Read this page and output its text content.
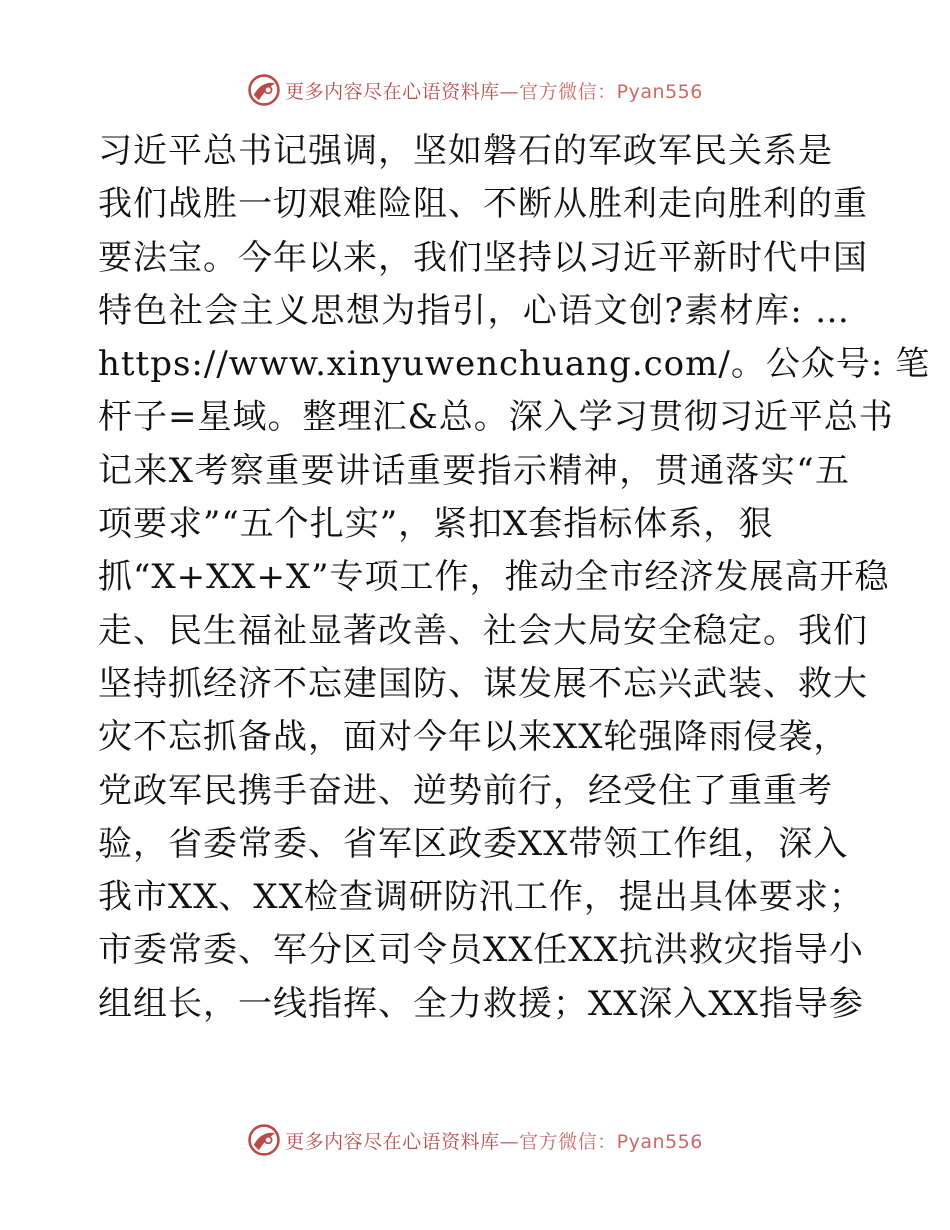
更多内容尽在心语资料库—官方微信：Pyan556
习近平总书记强调，坚如磐石的军政军民关系是
我们战胜一切艰难险阻、不断从胜利走向胜利的重
要法宝。今年以来，我们坚持以习近平新时代中国
特色社会主义思想为指引，心语文创?素材库: …
https://www.xinyuwenchuang.com/。公众号: 笔
杆子=星域。整理汇&总。深入学习贯彻习近平总书
记来X考察重要讲话重要指示精神，贯通落实“五
项要求”“五个扎实”，紧扣X套指标体系，狠
抓“X+XX+X”专项工作，推动全市经济发展高开稳
走、民生福祉显著改善、社会大局安全稳定。我们
坚持抓经济不忘建国防、谋发展不忘兴武装、救大
灾不忘抓备战，面对今年以来XX轮强降雨侵袭，
党政军民携手奋进、逆势前行，经受住了重重考
验，省委常委、省军区政委XX带领工作组，深入
我市XX、XX检查调研防汛工作，提出具体要求；
市委常委、军分区司令员XX任XX抗洪救灾指导小
组组长，一线指挥、全力救援；XX深入XX指导参
更多内容尽在心语资料库—官方微信：Pyan556
